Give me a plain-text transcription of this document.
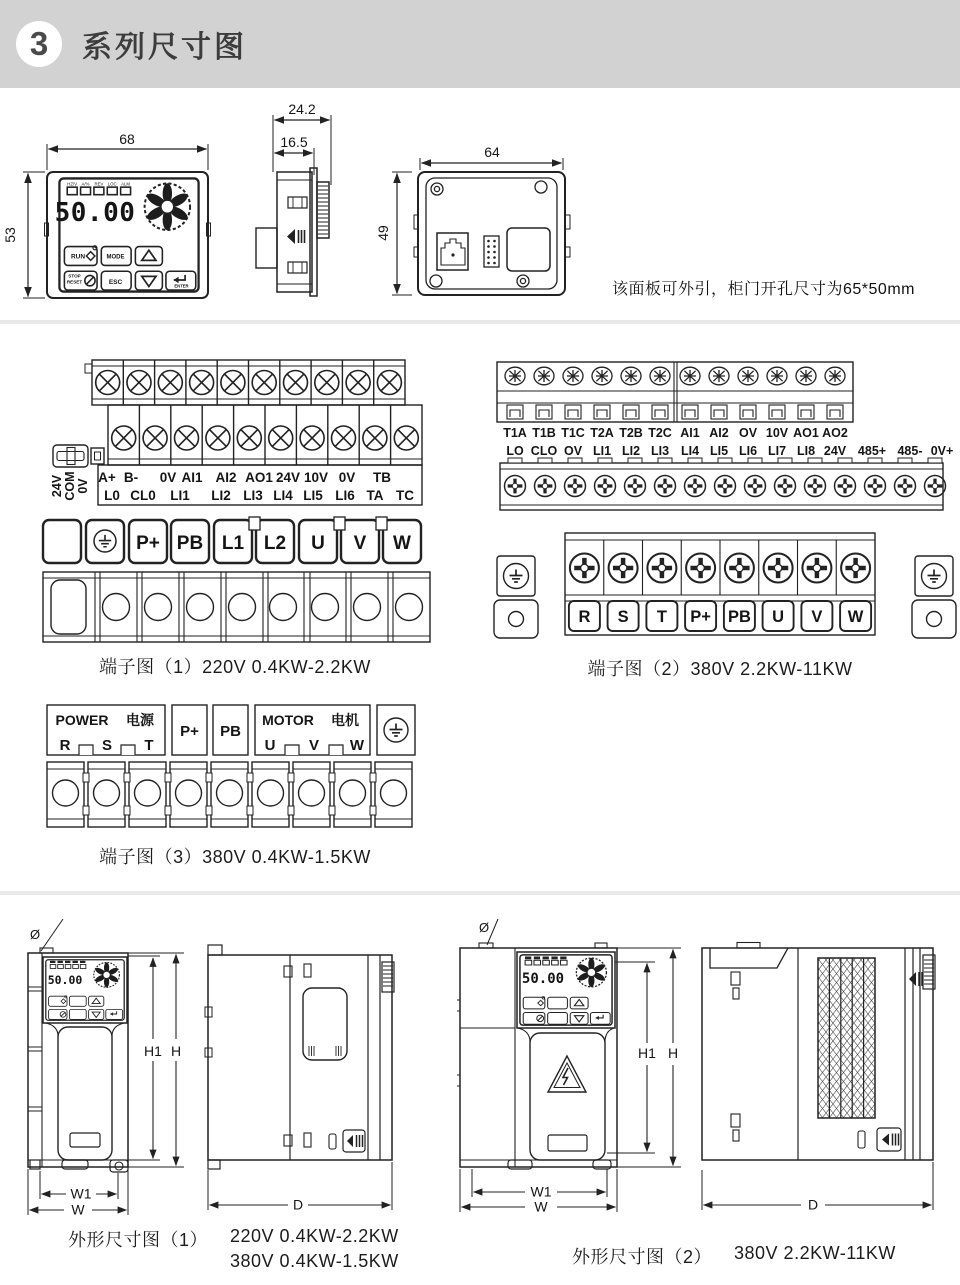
3 系列尺寸图
68
53
HZ/V A/% REV LOC ALM
50.00
RUN	MODE
STOP
RESET	ESC	ENTER
24.2
16.5
64
49
该面板可外引，柜门开孔尺寸为65*50mm
A+ B- 0V AI1 AI2 AO1 24V 10V 0V TB
L0 CL0 LI1 LI2 LI3 LI4 LI5 LI6 TA TC
24V COM 0V
P+ PB L1 L2 U V W
端子图（1）220V 0.4KW-2.2KW
T1A T1B T1C T2A T2B T2C AI1 AI2 OV 10V AO1 AO2
LO CLO OV LI1 LI2 LI3 LI4 LI5 LI6 LI7 LI8 24V 485+ 485- 0V+
R S T P+ PB U V W
端子图（2）380V 2.2KW-11KW
POWER 电源
R S T
P+ PB
MOTOR 电机
U V W
端子图（3）380V 0.4KW-1.5KW
Ø
50.00
H1 H
W1
W	D
外形尺寸图（1） 220V 0.4KW-2.2KW
380V 0.4KW-1.5KW
Ø
50.00
H1 H
W1
W	D
外形尺寸图（2） 380V 2.2KW-11KW
